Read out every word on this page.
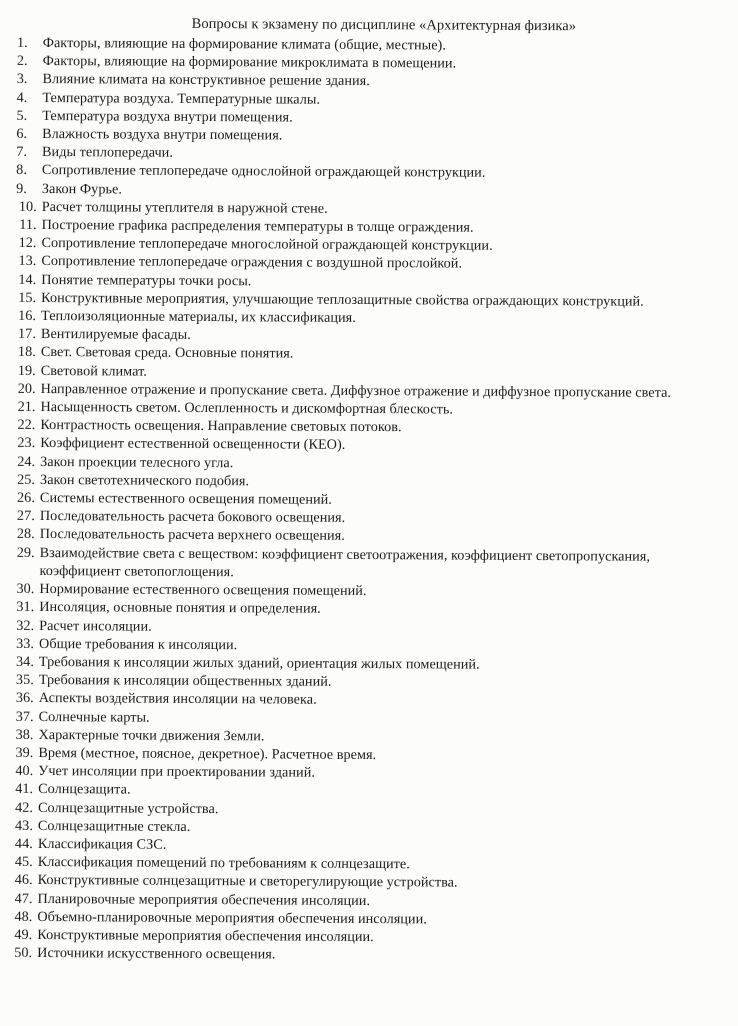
Вопросы к экзамену по дисциплине «Архитектурная физика»
1. Факторы, влияющие на формирование климата (общие, местные).
2. Факторы, влияющие на формирование микроклимата в помещении.
3. Влияние климата на конструктивное решение здания.
4. Температура воздуха. Температурные шкалы.
5. Температура воздуха внутри помещения.
6. Влажность воздуха внутри помещения.
7. Виды теплопередачи.
8. Сопротивление теплопередаче однослойной ограждающей конструкции.
9. Закон Фурье.
10. Расчет толщины утеплителя в наружной стене.
11. Построение графика распределения температуры в толще ограждения.
12. Сопротивление теплопередаче многослойной ограждающей конструкции.
13. Сопротивление теплопередаче ограждения с воздушной прослойкой.
14. Понятие температуры точки росы.
15. Конструктивные мероприятия, улучшающие теплозащитные свойства ограждающих конструкций.
16. Теплоизоляционные материалы, их классификация.
17. Вентилируемые фасады.
18. Свет. Световая среда. Основные понятия.
19. Световой климат.
20. Направленное отражение и пропускание света. Диффузное отражение и диффузное пропускание света.
21. Насыщенность светом. Ослепленность и дискомфортная блескость.
22. Контрастность освещения. Направление световых потоков.
23. Коэффициент естественной освещенности (КЕО).
24. Закон проекции телесного угла.
25. Закон светотехнического подобия.
26. Системы естественного освещения помещений.
27. Последовательность расчета бокового освещения.
28. Последовательность расчета верхнего освещения.
29. Взаимодействие света с веществом: коэффициент светоотражения, коэффициент светопропускания, коэффициент светопоглощения.
30. Нормирование естественного освещения помещений.
31. Инсоляция, основные понятия и определения.
32. Расчет инсоляции.
33. Общие требования к инсоляции.
34. Требования к инсоляции жилых зданий, ориентация жилых помещений.
35. Требования к инсоляции общественных зданий.
36. Аспекты воздействия инсоляции на человека.
37. Солнечные карты.
38. Характерные точки движения Земли.
39. Время (местное, поясное, декретное). Расчетное время.
40. Учет инсоляции при проектировании зданий.
41. Солнцезащита.
42. Солнцезащитные устройства.
43. Солнцезащитные стекла.
44. Классификация СЗС.
45. Классификация помещений по требованиям к солнцезащите.
46. Конструктивные солнцезащитные и светорегулирующие устройства.
47. Планировочные мероприятия обеспечения инсоляции.
48. Объемно-планировочные мероприятия обеспечения инсоляции.
49. Конструктивные мероприятия обеспечения инсоляции.
50. Источники искусственного освещения.
